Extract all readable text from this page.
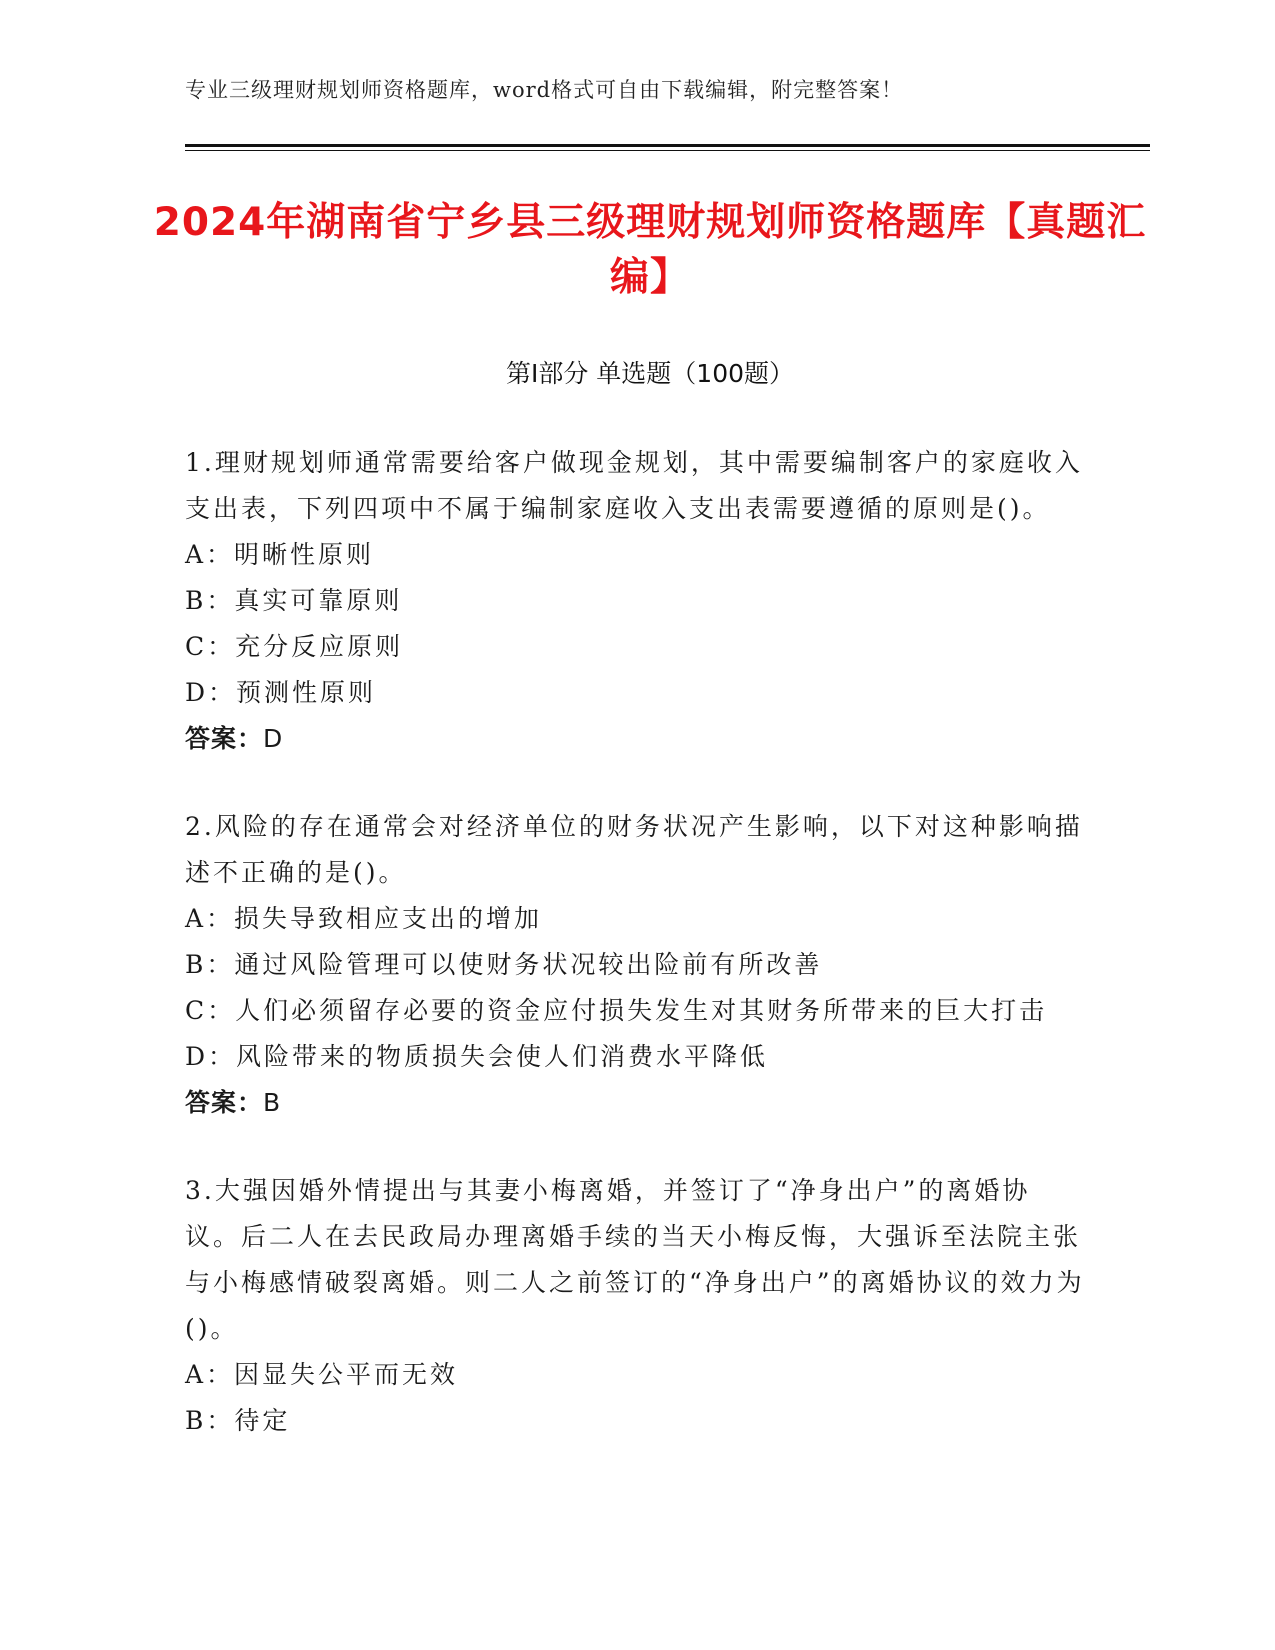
专业三级理财规划师资格题库，word格式可自由下载编辑，附完整答案！
2024年湖南省宁乡县三级理财规划师资格题库【真题汇编】
第Ⅰ部分 单选题（100题）

1.理财规划师通常需要给客户做现金规划，其中需要编制客户的家庭收入支出表，下列四项中不属于编制家庭收入支出表需要遵循的原则是()。

A：明晰性原则

B：真实可靠原则

C：充分反应原则

D：预测性原则

答案：D

2.风险的存在通常会对经济单位的财务状况产生影响，以下对这种影响描述不正确的是()。

A：损失导致相应支出的增加

B：通过风险管理可以使财务状况较出险前有所改善

C：人们必须留存必要的资金应付损失发生对其财务所带来的巨大打击

D：风险带来的物质损失会使人们消费水平降低

答案：B

3.大强因婚外情提出与其妻小梅离婚，并签订了“净身出户”的离婚协议。后二人在去民政局办理离婚手续的当天小梅反悔，大强诉至法院主张与小梅感情破裂离婚。则二人之前签订的“净身出户”的离婚协议的效力为()。

A：因显失公平而无效

B：待定
